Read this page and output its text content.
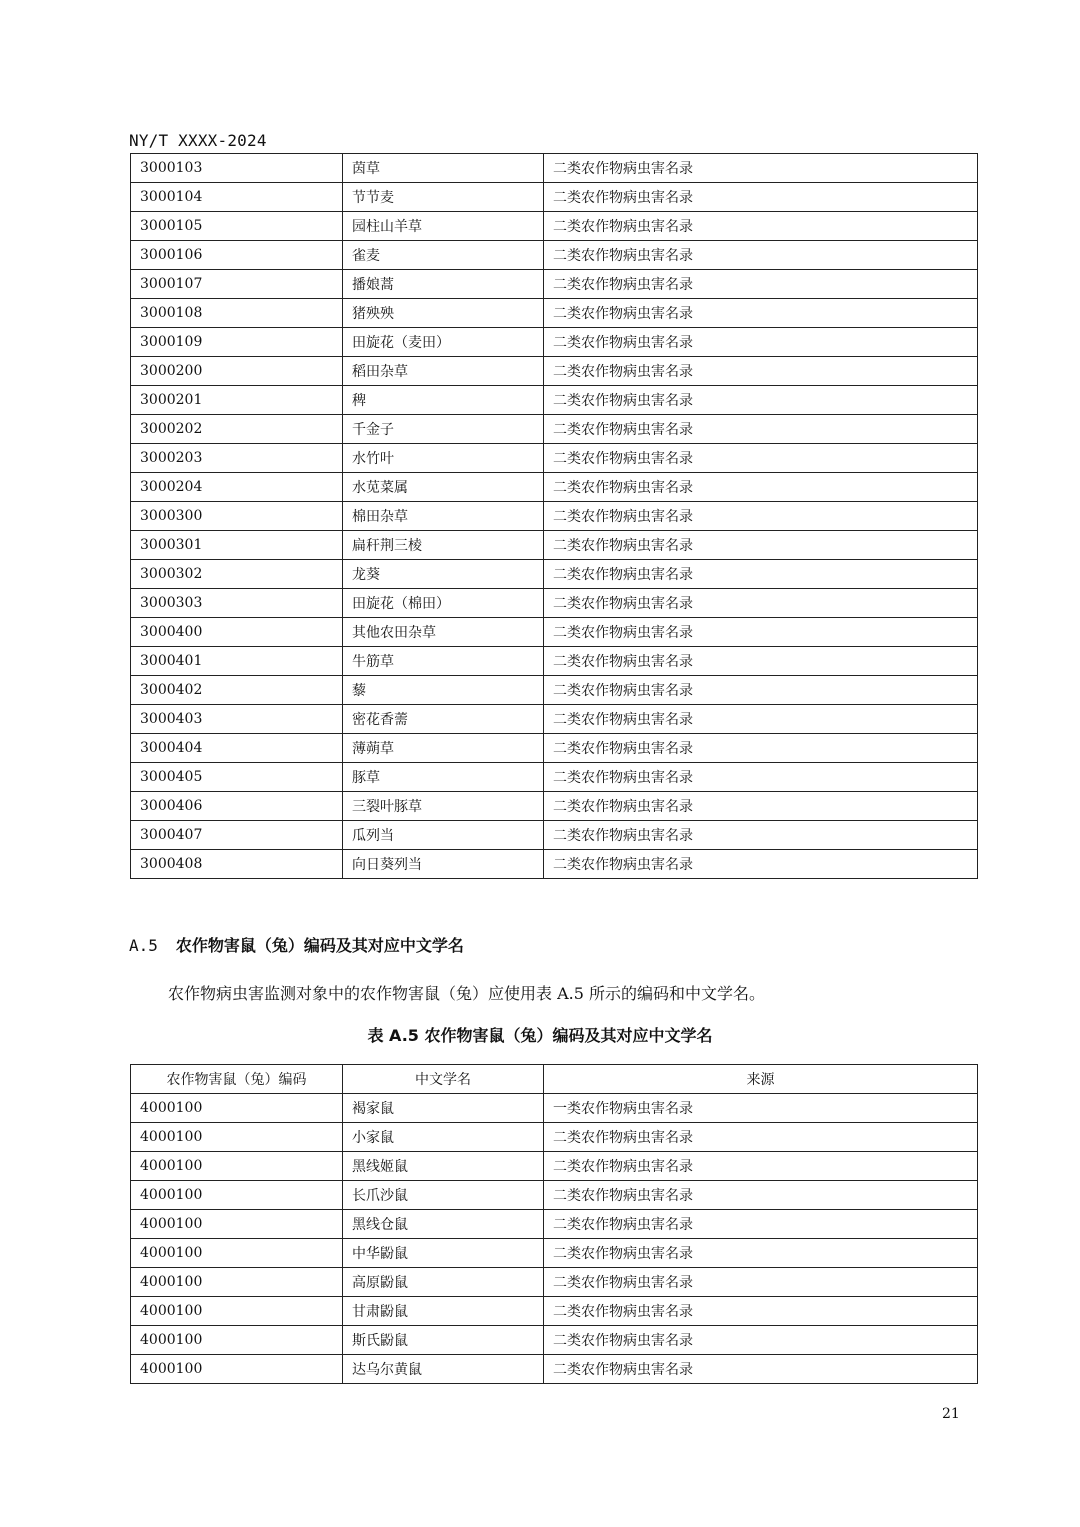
NY/T XXXX-2024
3000103	茵草	二类农作物病虫害名录
3000104	节节麦	二类农作物病虫害名录
3000105	园柱山羊草	二类农作物病虫害名录
3000106	雀麦	二类农作物病虫害名录
3000107	播娘蒿	二类农作物病虫害名录
3000108	猪殃殃	二类农作物病虫害名录
3000109	田旋花（麦田）	二类农作物病虫害名录
3000200	稻田杂草	二类农作物病虫害名录
3000201	稗	二类农作物病虫害名录
3000202	千金子	二类农作物病虫害名录
3000203	水竹叶	二类农作物病虫害名录
3000204	水苋菜属	二类农作物病虫害名录
3000300	棉田杂草	二类农作物病虫害名录
3000301	扁秆荆三棱	二类农作物病虫害名录
3000302	龙葵	二类农作物病虫害名录
3000303	田旋花（棉田）	二类农作物病虫害名录
3000400	其他农田杂草	二类农作物病虫害名录
3000401	牛筋草	二类农作物病虫害名录
3000402	藜	二类农作物病虫害名录
3000403	密花香薷	二类农作物病虫害名录
3000404	薄蒴草	二类农作物病虫害名录
3000405	豚草	二类农作物病虫害名录
3000406	三裂叶豚草	二类农作物病虫害名录
3000407	瓜列当	二类农作物病虫害名录
3000408	向日葵列当	二类农作物病虫害名录
A.5 农作物害鼠（兔）编码及其对应中文学名
农作物病虫害监测对象中的农作物害鼠（兔）应使用表 A.5 所示的编码和中文学名。
表 A.5 农作物害鼠（兔）编码及其对应中文学名
农作物害鼠（兔）编码	中文学名	来源
4000100	褐家鼠	一类农作物病虫害名录
4000100	小家鼠	二类农作物病虫害名录
4000100	黑线姬鼠	二类农作物病虫害名录
4000100	长爪沙鼠	二类农作物病虫害名录
4000100	黑线仓鼠	二类农作物病虫害名录
4000100	中华鼢鼠	二类农作物病虫害名录
4000100	高原鼢鼠	二类农作物病虫害名录
4000100	甘肃鼢鼠	二类农作物病虫害名录
4000100	斯氏鼢鼠	二类农作物病虫害名录
4000100	达乌尔黄鼠	二类农作物病虫害名录
21
